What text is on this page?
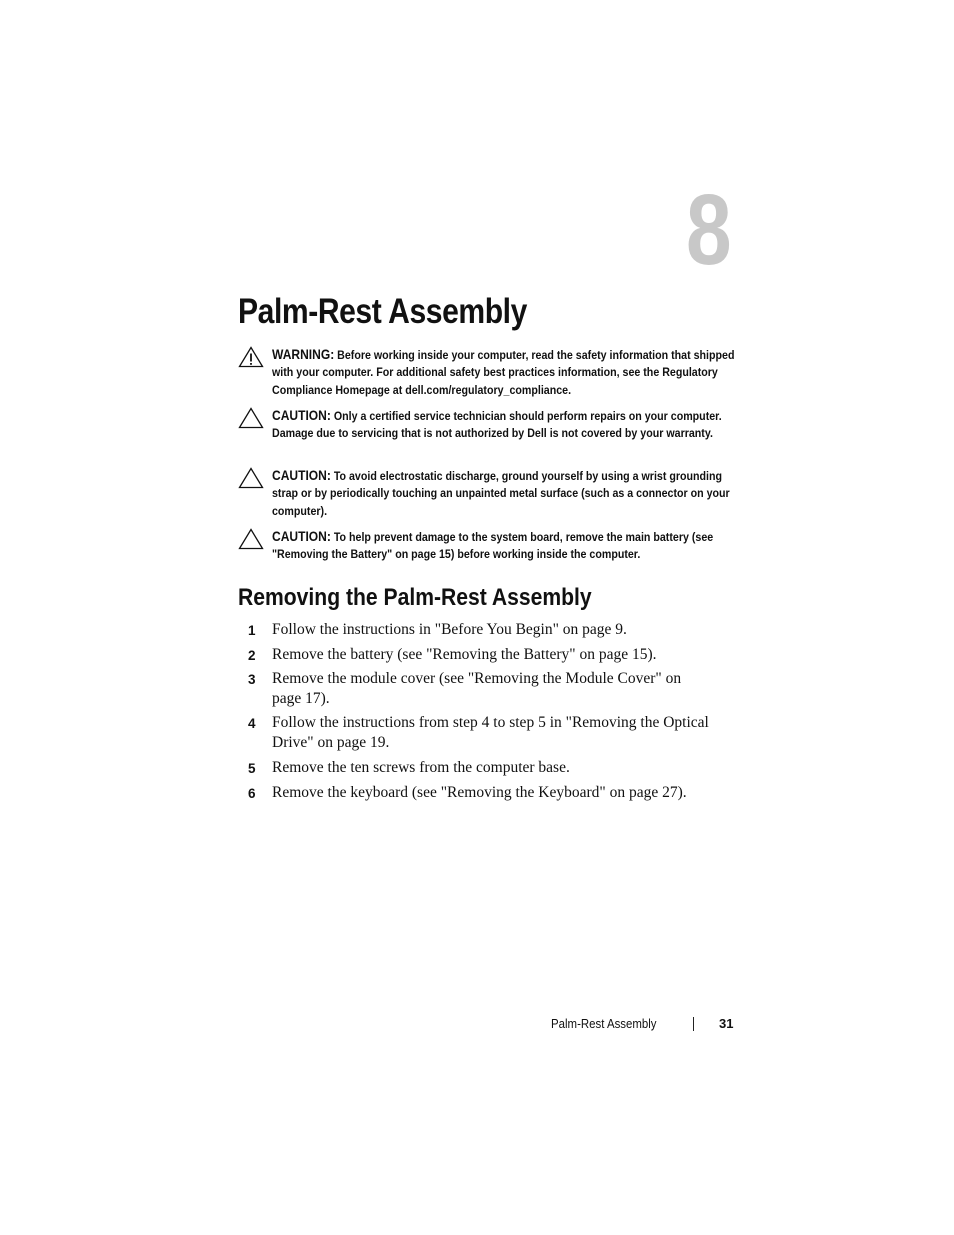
8
Palm-Rest Assembly
WARNING: Before working inside your computer, read the safety information that shipped with your computer. For additional safety best practices information, see the Regulatory Compliance Homepage at dell.com/regulatory_compliance.
CAUTION: Only a certified service technician should perform repairs on your computer. Damage due to servicing that is not authorized by Dell is not covered by your warranty.
CAUTION: To avoid electrostatic discharge, ground yourself by using a wrist grounding strap or by periodically touching an unpainted metal surface (such as a connector on your computer).
CAUTION: To help prevent damage to the system board, remove the main battery (see "Removing the Battery" on page 15) before working inside the computer.
Removing the Palm-Rest Assembly
1 Follow the instructions in "Before You Begin" on page 9.
2 Remove the battery (see "Removing the Battery" on page 15).
3 Remove the module cover (see "Removing the Module Cover" on page 17).
4 Follow the instructions from step 4 to step 5 in "Removing the Optical Drive" on page 19.
5 Remove the ten screws from the computer base.
6 Remove the keyboard (see "Removing the Keyboard" on page 27).
Palm-Rest Assembly	31
